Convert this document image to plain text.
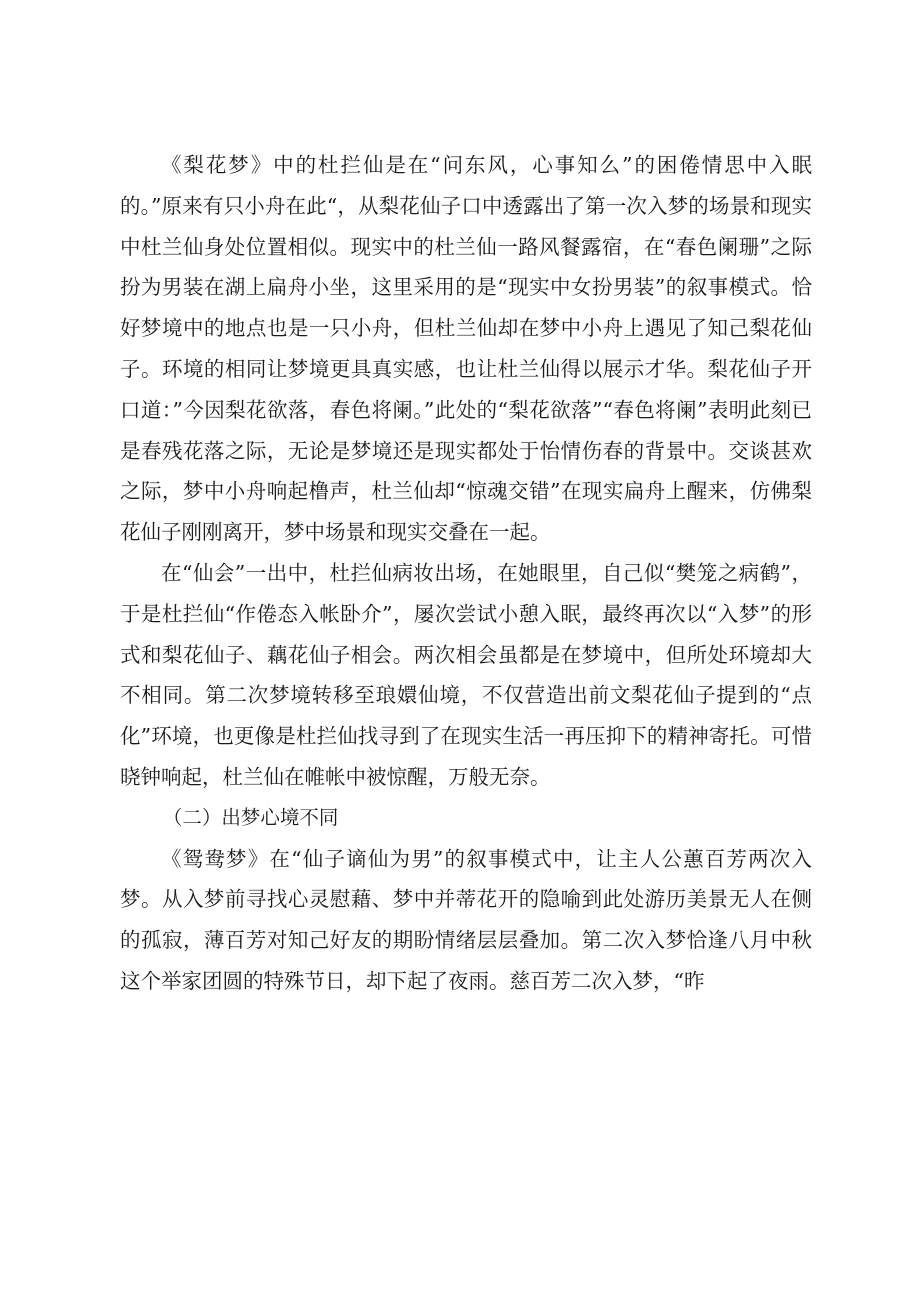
《梨花梦》中的杜拦仙是在“问东风，心事知么”的困倦情思中入眠的。”原来有只小舟在此“，从梨花仙子口中透露出了第一次入梦的场景和现实中杜兰仙身处位置相似。现实中的杜兰仙一路风餐露宿，在“春色阑珊”之际扮为男装在湖上扁舟小坐，这里采用的是“现实中女扮男装”的叙事模式。恰好梦境中的地点也是一只小舟，但杜兰仙却在梦中小舟上遇见了知己梨花仙子。环境的相同让梦境更具真实感，也让杜兰仙得以展示才华。梨花仙子开口道：”今因梨花欲落，春色将阑。”此处的“梨花欲落”“春色将阑”表明此刻已是春残花落之际，无论是梦境还是现实都处于怡情伤春的背景中。交谈甚欢之际，梦中小舟响起橹声，杜兰仙却“惊魂交错”在现实扁舟上醒来，仿佛梨花仙子刚刚离开，梦中场景和现实交叠在一起。

在“仙会”一出中，杜拦仙病妆出场，在她眼里，自己似“樊笼之病鹤”，于是杜拦仙“作倦态入帐卧介”，屡次尝试小憩入眠，最终再次以“入梦”的形式和梨花仙子、藕花仙子相会。两次相会虽都是在梦境中，但所处环境却大不相同。第二次梦境转移至琅嬛仙境，不仅营造出前文梨花仙子提到的“点化”环境，也更像是杜拦仙找寻到了在现实生活一再压抑下的精神寄托。可惜晓钟响起，杜兰仙在帷帐中被惊醒，万般无奈。

（二）出梦心境不同

《鸳鸯梦》在“仙子谪仙为男”的叙事模式中，让主人公蕙百芳两次入梦。从入梦前寻找心灵慰藉、梦中并蒂花开的隐喻到此处游历美景无人在侧的孤寂，薄百芳对知己好友的期盼情绪层层叠加。第二次入梦恰逢八月中秋这个举家团圆的特殊节日，却下起了夜雨。慈百芳二次入梦，“昨
